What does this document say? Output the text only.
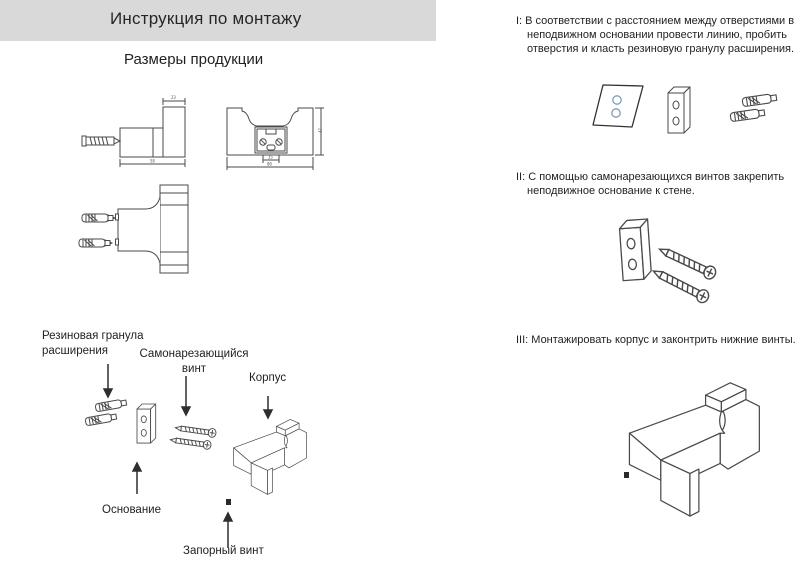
Инструкция по монтажу
Размеры продукции
23
58
35
80
47
I: В соответствии с расстоянием между отверстиями в неподвижном основании провести линию, пробить отверстия и класть резиновую гранулу расширения.
II: С помощью самонарезающихся винтов закрепить неподвижное основание к стене.
III: Монтажировать корпус и законтрить нижние винты.
Резиновая гранула расширения	Самонарезающийся винт
Корпус
Основание
Запорный винт
